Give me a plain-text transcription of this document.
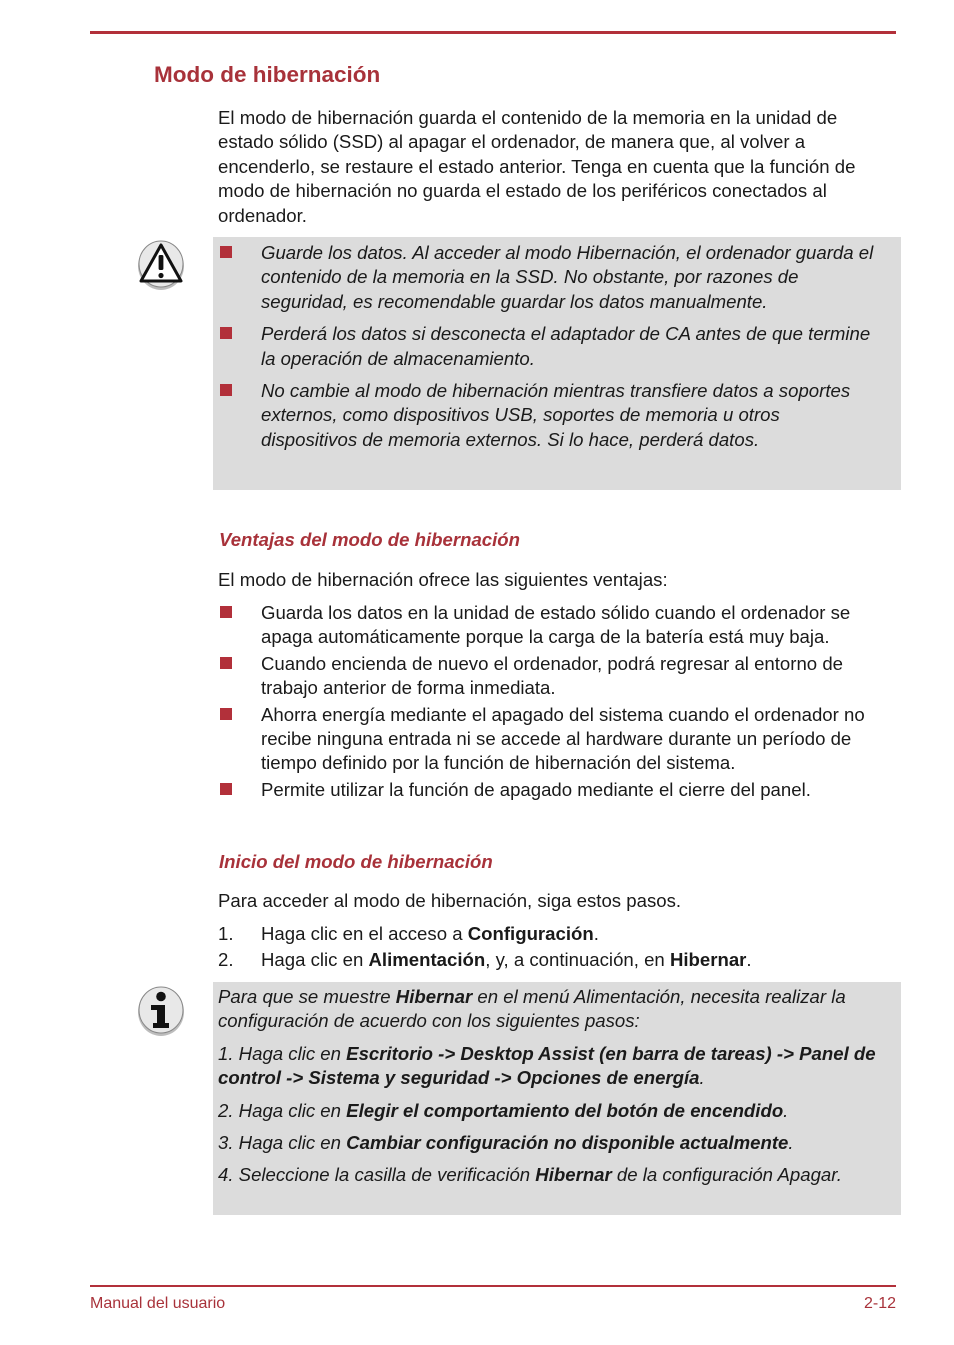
Modo de hibernación

El modo de hibernación guarda el contenido de la memoria en la unidad de estado sólido (SSD) al apagar el ordenador, de manera que, al volver a encenderlo, se restaure el estado anterior. Tenga en cuenta que la función de modo de hibernación no guarda el estado de los periféricos conectados al ordenador.

Guarde los datos. Al acceder al modo Hibernación, el ordenador guarda el contenido de la memoria en la SSD. No obstante, por razones de seguridad, es recomendable guardar los datos manualmente.
Perderá los datos si desconecta el adaptador de CA antes de que termine la operación de almacenamiento.
No cambie al modo de hibernación mientras transfiere datos a soportes externos, como dispositivos USB, soportes de memoria u otros dispositivos de memoria externos. Si lo hace, perderá datos.
Ventajas del modo de hibernación

El modo de hibernación ofrece las siguientes ventajas:

Guarda los datos en la unidad de estado sólido cuando el ordenador se apaga automáticamente porque la carga de la batería está muy baja.
Cuando encienda de nuevo el ordenador, podrá regresar al entorno de trabajo anterior de forma inmediata.
Ahorra energía mediante el apagado del sistema cuando el ordenador no recibe ninguna entrada ni se accede al hardware durante un período de tiempo definido por la función de hibernación del sistema.
Permite utilizar la función de apagado mediante el cierre del panel.
Inicio del modo de hibernación

Para acceder al modo de hibernación, siga estos pasos.

1. Haga clic en el acceso a Configuración.
2. Haga clic en Alimentación, y, a continuación, en Hibernar.

Para que se muestre Hibernar en el menú Alimentación, necesita realizar la configuración de acuerdo con los siguientes pasos:

1. Haga clic en Escritorio -> Desktop Assist (en barra de tareas) -> Panel de control -> Sistema y seguridad -> Opciones de energía.

2. Haga clic en Elegir el comportamiento del botón de encendido.

3. Haga clic en Cambiar configuración no disponible actualmente.

4. Seleccione la casilla de verificación Hibernar de la configuración Apagar.

Manual del usuario	2-12
